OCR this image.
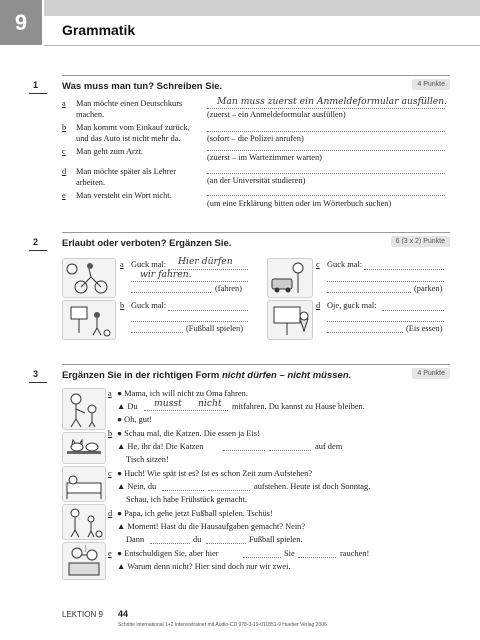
9	Grammatik
1	Was muss man tun? Schreiben Sie.	4 Punkte
a Man möchte einen Deutschkurs
machen.
Man muss zuerst ein Anmeldeformular ausfüllen.
(zuerst – ein Anmeldeformular ausfüllen)
b Man kommt vom Einkauf zurück,
und das Auto ist nicht mehr da.	(sofort – die Polizei anrufen)
c Man geht zum Arzt.
(zuerst – im Wartezimmer warten)
d Man möchte später als Lehrer
arbeiten.	(an der Universität studieren)
e Man versteht ein Wort nicht.
(um eine Erklärung bitten oder im Wörterbuch suchen)
2	Erlaubt oder verboten? Ergänzen Sie.	6 (3 x 2) Punkte
a Guck mal: Hier dürfen
wir fahren.
(fahren)
b Guck mal:
(Fußball spielen)
c Guck mal:
(parken)
d Oje, guck mal:
(Eis essen)
3	Ergänzen Sie in der richtigen Form nicht dürfen – nicht müssen.	4 Punkte
a ● Mama, ich will nicht zu Oma fahren.
▲ Du musst nicht mitfahren. Du kannst zu Hause bleiben.
● Oh, gut!
b ● Schau mal, die Katzen. Die essen ja Eis!
▲ He, ihr da! Die Katzen	auf dem
Tisch sitzen!
c ● Huch! Wie spät ist es? Ist es schon Zeit zum Aufstehen?
▲ Nein, du	aufstehen. Heute ist doch Sonntag.
Schau, ich habe Frühstück gemacht.
d ● Papa, ich gehe jetzt Fußball spielen. Tschüs!
▲ Moment! Hast du die Hausaufgaben gemacht? Nein?
Dann	du	Fußball spielen.
e ● Entschuldigen Sie, aber hier	Sie	rauchen!
▲ Warum denn nicht? Hier sind doch nur wir zwei.
LEKTION 9 44
Schritte international 1+2 Intensivtrainer mit Audio-CD 978-3-19-011851-9 Hueber Verlag 2006
